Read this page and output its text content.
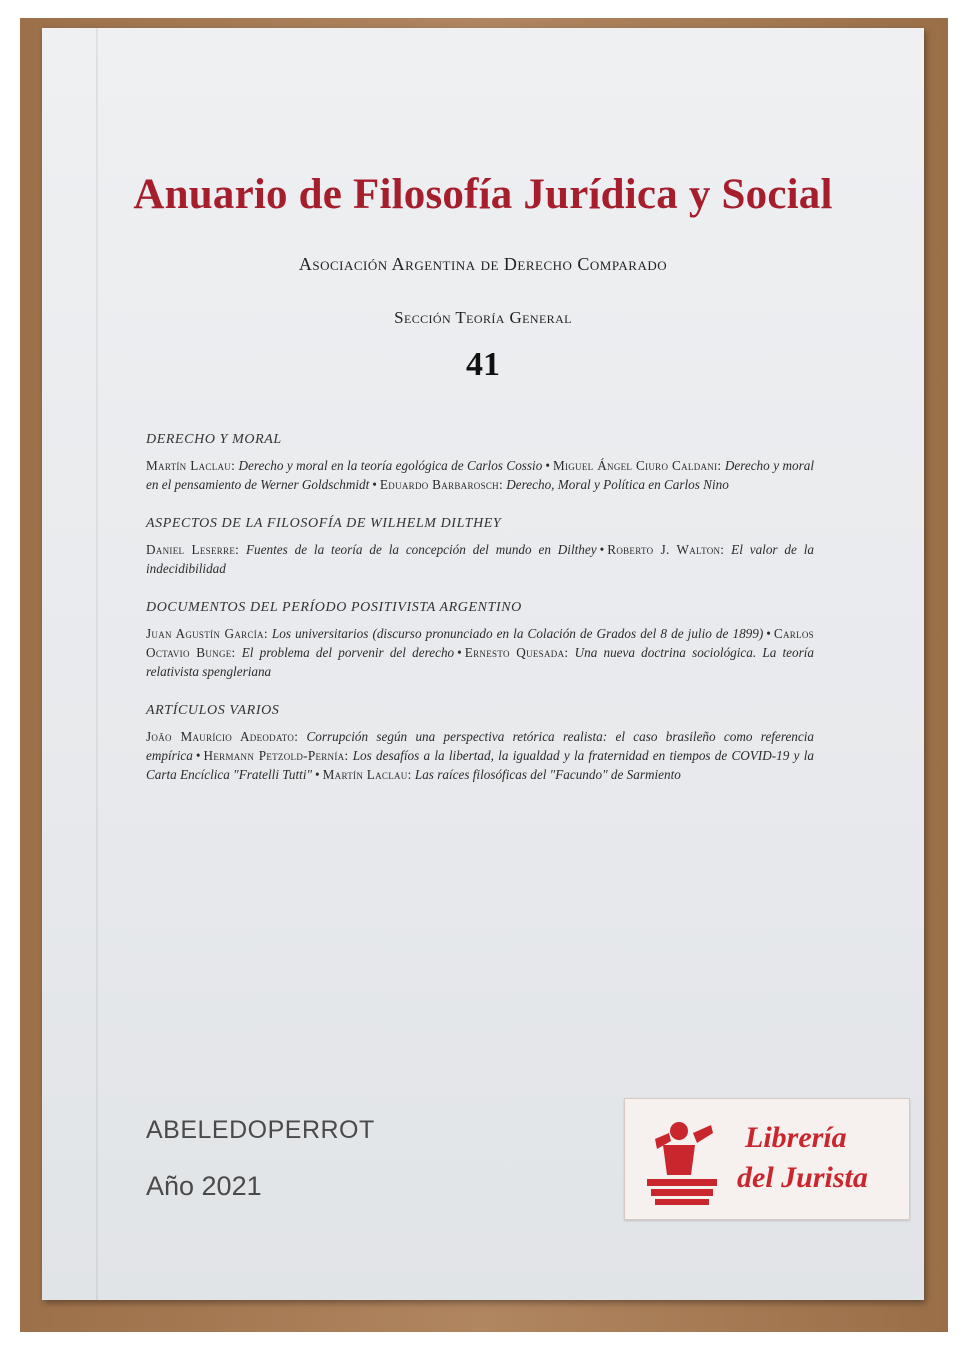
Anuario de Filosofía Jurídica y Social
Asociación Argentina de Derecho Comparado
Sección Teoría General
41
DERECHO Y MORAL
Martín Laclau: Derecho y moral en la teoría egológica de Carlos Cossio • Miguel Ángel Ciuro Caldani: Derecho y moral en el pensamiento de Werner Goldschmidt • Eduardo Barbarosch: Derecho, Moral y Política en Carlos Nino
ASPECTOS DE LA FILOSOFÍA DE WILHELM DILTHEY
Daniel Leserre: Fuentes de la teoría de la concepción del mundo en Dilthey • Roberto J. Walton: El valor de la indecidibilidad
DOCUMENTOS DEL PERÍODO POSITIVISTA ARGENTINO
Juan Agustín García: Los universitarios (discurso pronunciado en la Colación de Grados del 8 de julio de 1899) • Carlos Octavio Bunge: El problema del porvenir del derecho • Ernesto Quesada: Una nueva doctrina sociológica. La teoría relativista spengleriana
ARTÍCULOS VARIOS
João Maurício Adeodato: Corrupción según una perspectiva retórica realista: el caso brasileño como referencia empírica • Hermann Petzold-Pernía: Los desafíos a la libertad, la igualdad y la fraternidad en tiempos de COVID-19 y la Carta Encíclica "Fratelli Tutti" • Martín Laclau: Las raíces filosóficas del "Facundo" de Sarmiento
ABELEDOPERROT
Año 2021
Librería
del Jurista
